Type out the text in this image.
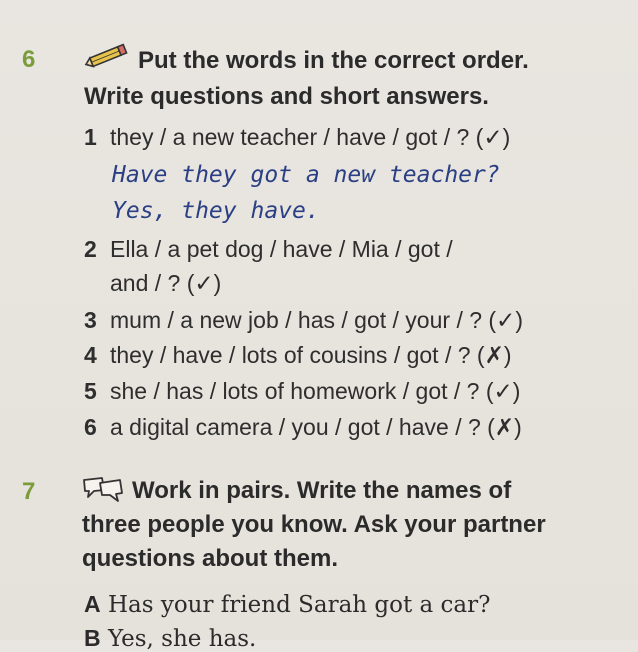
6	Put the words in the correct order.
Write questions and short answers.
1 they / a new teacher / have / got / ? (✓)
Have they got a new teacher?
Yes, they have.
2 Ella / a pet dog / have / Mia / got /
and / ? (✓)
3 mum / a new job / has / got / your / ? (✓)
4 they / have / lots of cousins / got / ? (✗)
5 she / has / lots of homework / got / ? (✓)
6 a digital camera / you / got / have / ? (✗)
7	Work in pairs. Write the names of
three people you know. Ask your partner
questions about them.
A Has your friend Sarah got a car?
B Yes, she has.
